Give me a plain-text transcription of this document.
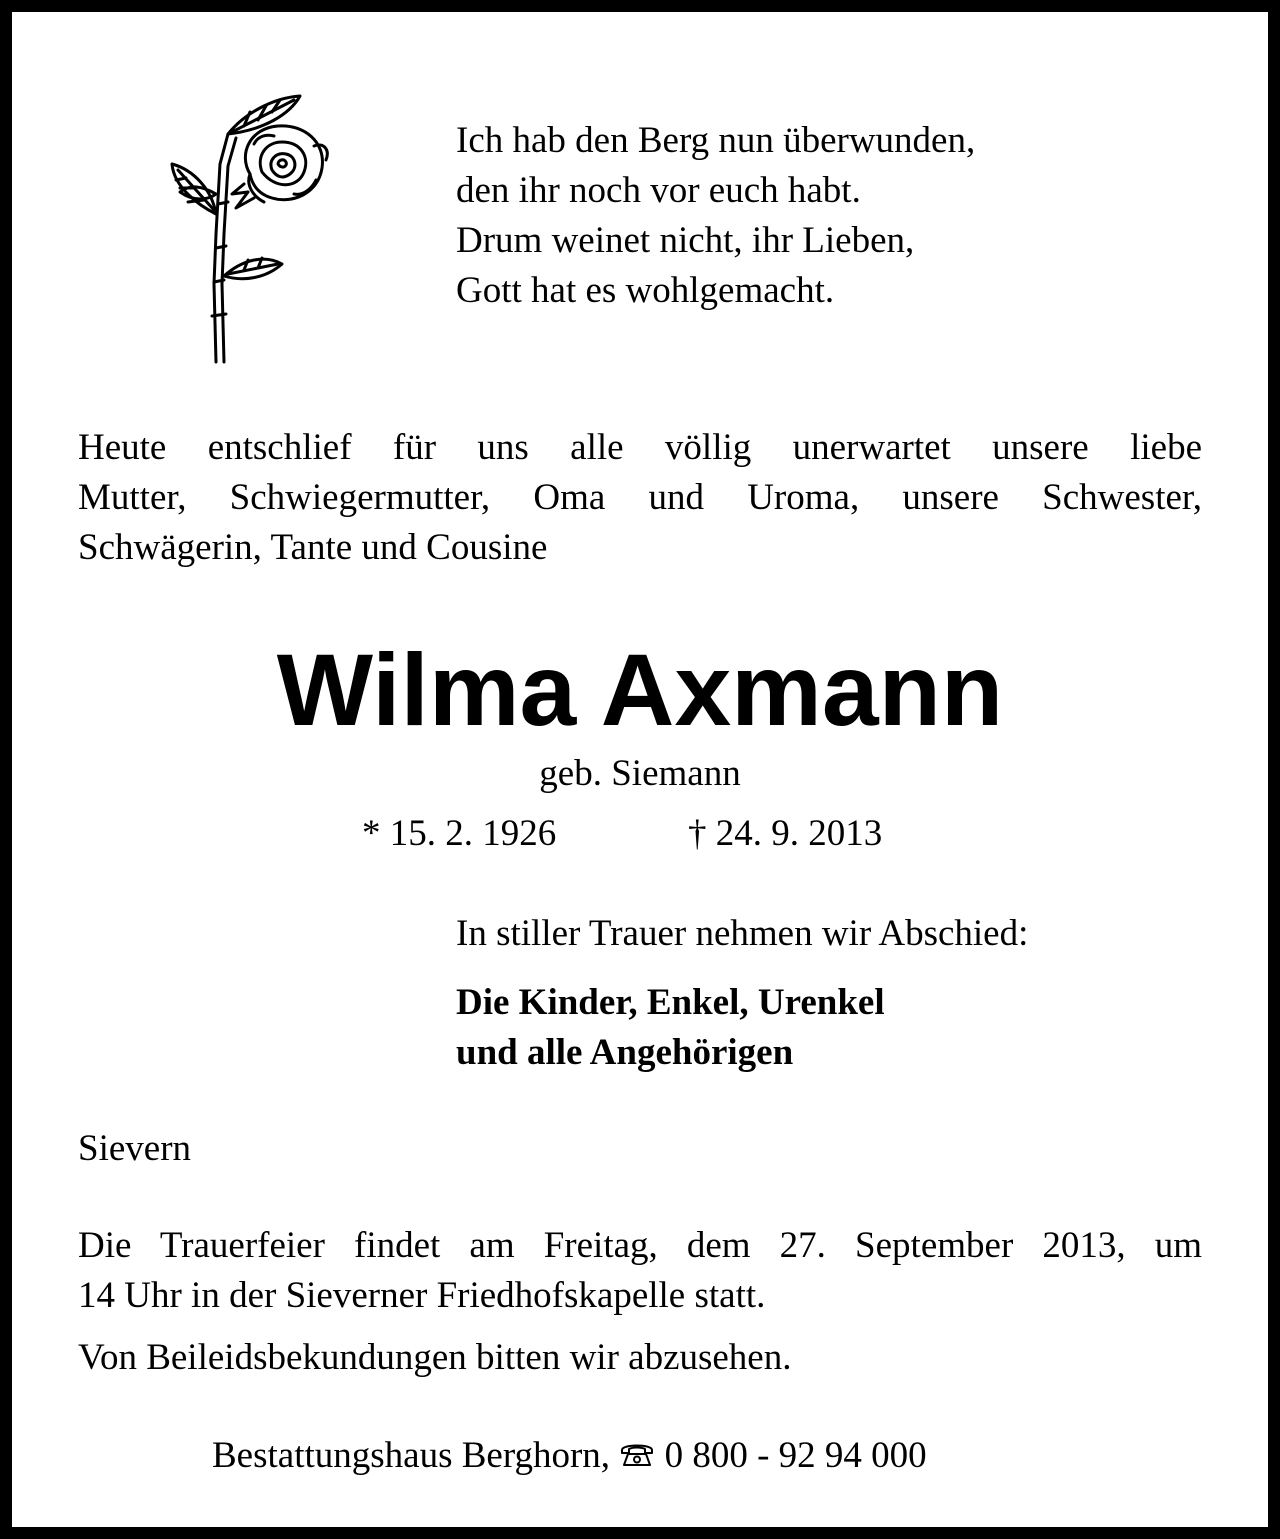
Ich hab den Berg nun überwunden,
den ihr noch vor euch habt.
Drum weinet nicht, ihr Lieben,
Gott hat es wohlgemacht.
Heute entschlief für uns alle völlig unerwartet unsere liebe
Mutter, Schwiegermutter, Oma und Uroma, unsere Schwester,
Schwägerin, Tante und Cousine
Wilma Axmann
geb. Siemann
* 15. 2. 1926	† 24. 9. 2013
In stiller Trauer nehmen wir Abschied:
Die Kinder, Enkel, Urenkel
und alle Angehörigen
Sievern
Die Trauerfeier findet am Freitag, dem 27. September 2013, um
14 Uhr in der Sieverner Friedhofskapelle statt.
Von Beileidsbekundungen bitten wir abzusehen.
Bestattungshaus Berghorn, 0 800 - 92 94 000
